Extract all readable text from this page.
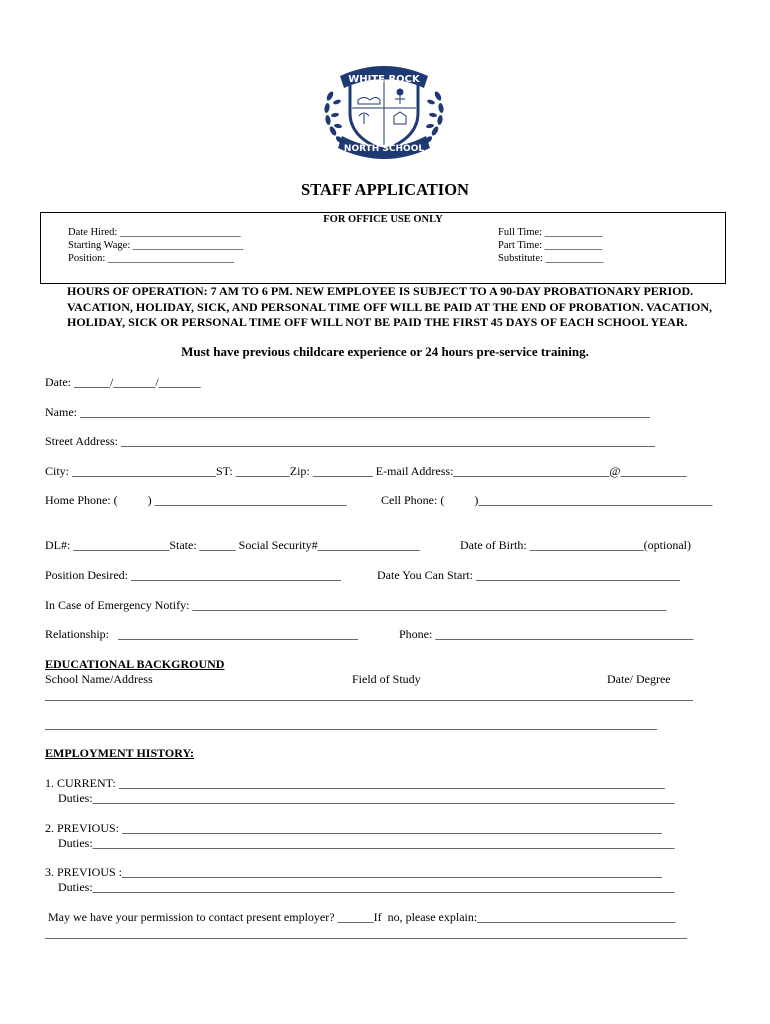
WHITE ROCK
NORTH SCHOOL
STAFF APPLICATION
FOR OFFICE USE ONLY
Date Hired: _______________________
Starting Wage: _____________________
Position: ________________________
Full Time: ___________
Part Time: ___________
Substitute: ___________
HOURS OF OPERATION: 7 AM TO 6 PM. NEW EMPLOYEE IS SUBJECT TO A 90-DAY PROBATIONARY PERIOD. VACATION, HOLIDAY, SICK, AND PERSONAL TIME OFF WILL BE PAID AT THE END OF PROBATION. VACATION, HOLIDAY, SICK OR PERSONAL TIME OFF WILL NOT BE PAID THE FIRST 45 DAYS OF EACH SCHOOL YEAR.
Must have previous childcare experience or 24 hours pre-service training.
Date: ______/_______/_______
Name: _______________________________________________________________________________________________
Street Address: _________________________________________________________________________________________
City: ________________________ST: _________Zip: __________ E-mail Address:__________________________@___________
Home Phone: (          ) ________________________________	Cell Phone: (          )_______________________________________
DL#: ________________State: ______ Social Security#_________________	Date of Birth: ___________________(optional)
Position Desired: ___________________________________	Date You Can Start: __________________________________
In Case of Emergency Notify: _______________________________________________________________________________
Relationship:   ________________________________________	Phone: ___________________________________________
EDUCATIONAL BACKGROUND
School Name/Address	Field of Study	Date/ Degree
____________________________________________________________________________________________________________
______________________________________________________________________________________________________
EMPLOYMENT HISTORY:
1. CURRENT: ___________________________________________________________________________________________
Duties:_________________________________________________________________________________________________
2. PREVIOUS: __________________________________________________________________________________________
Duties:_________________________________________________________________________________________________
3. PREVIOUS :__________________________________________________________________________________________
Duties:_________________________________________________________________________________________________
May we have your permission to contact present employer? ______If  no, please explain:_________________________________
___________________________________________________________________________________________________________
